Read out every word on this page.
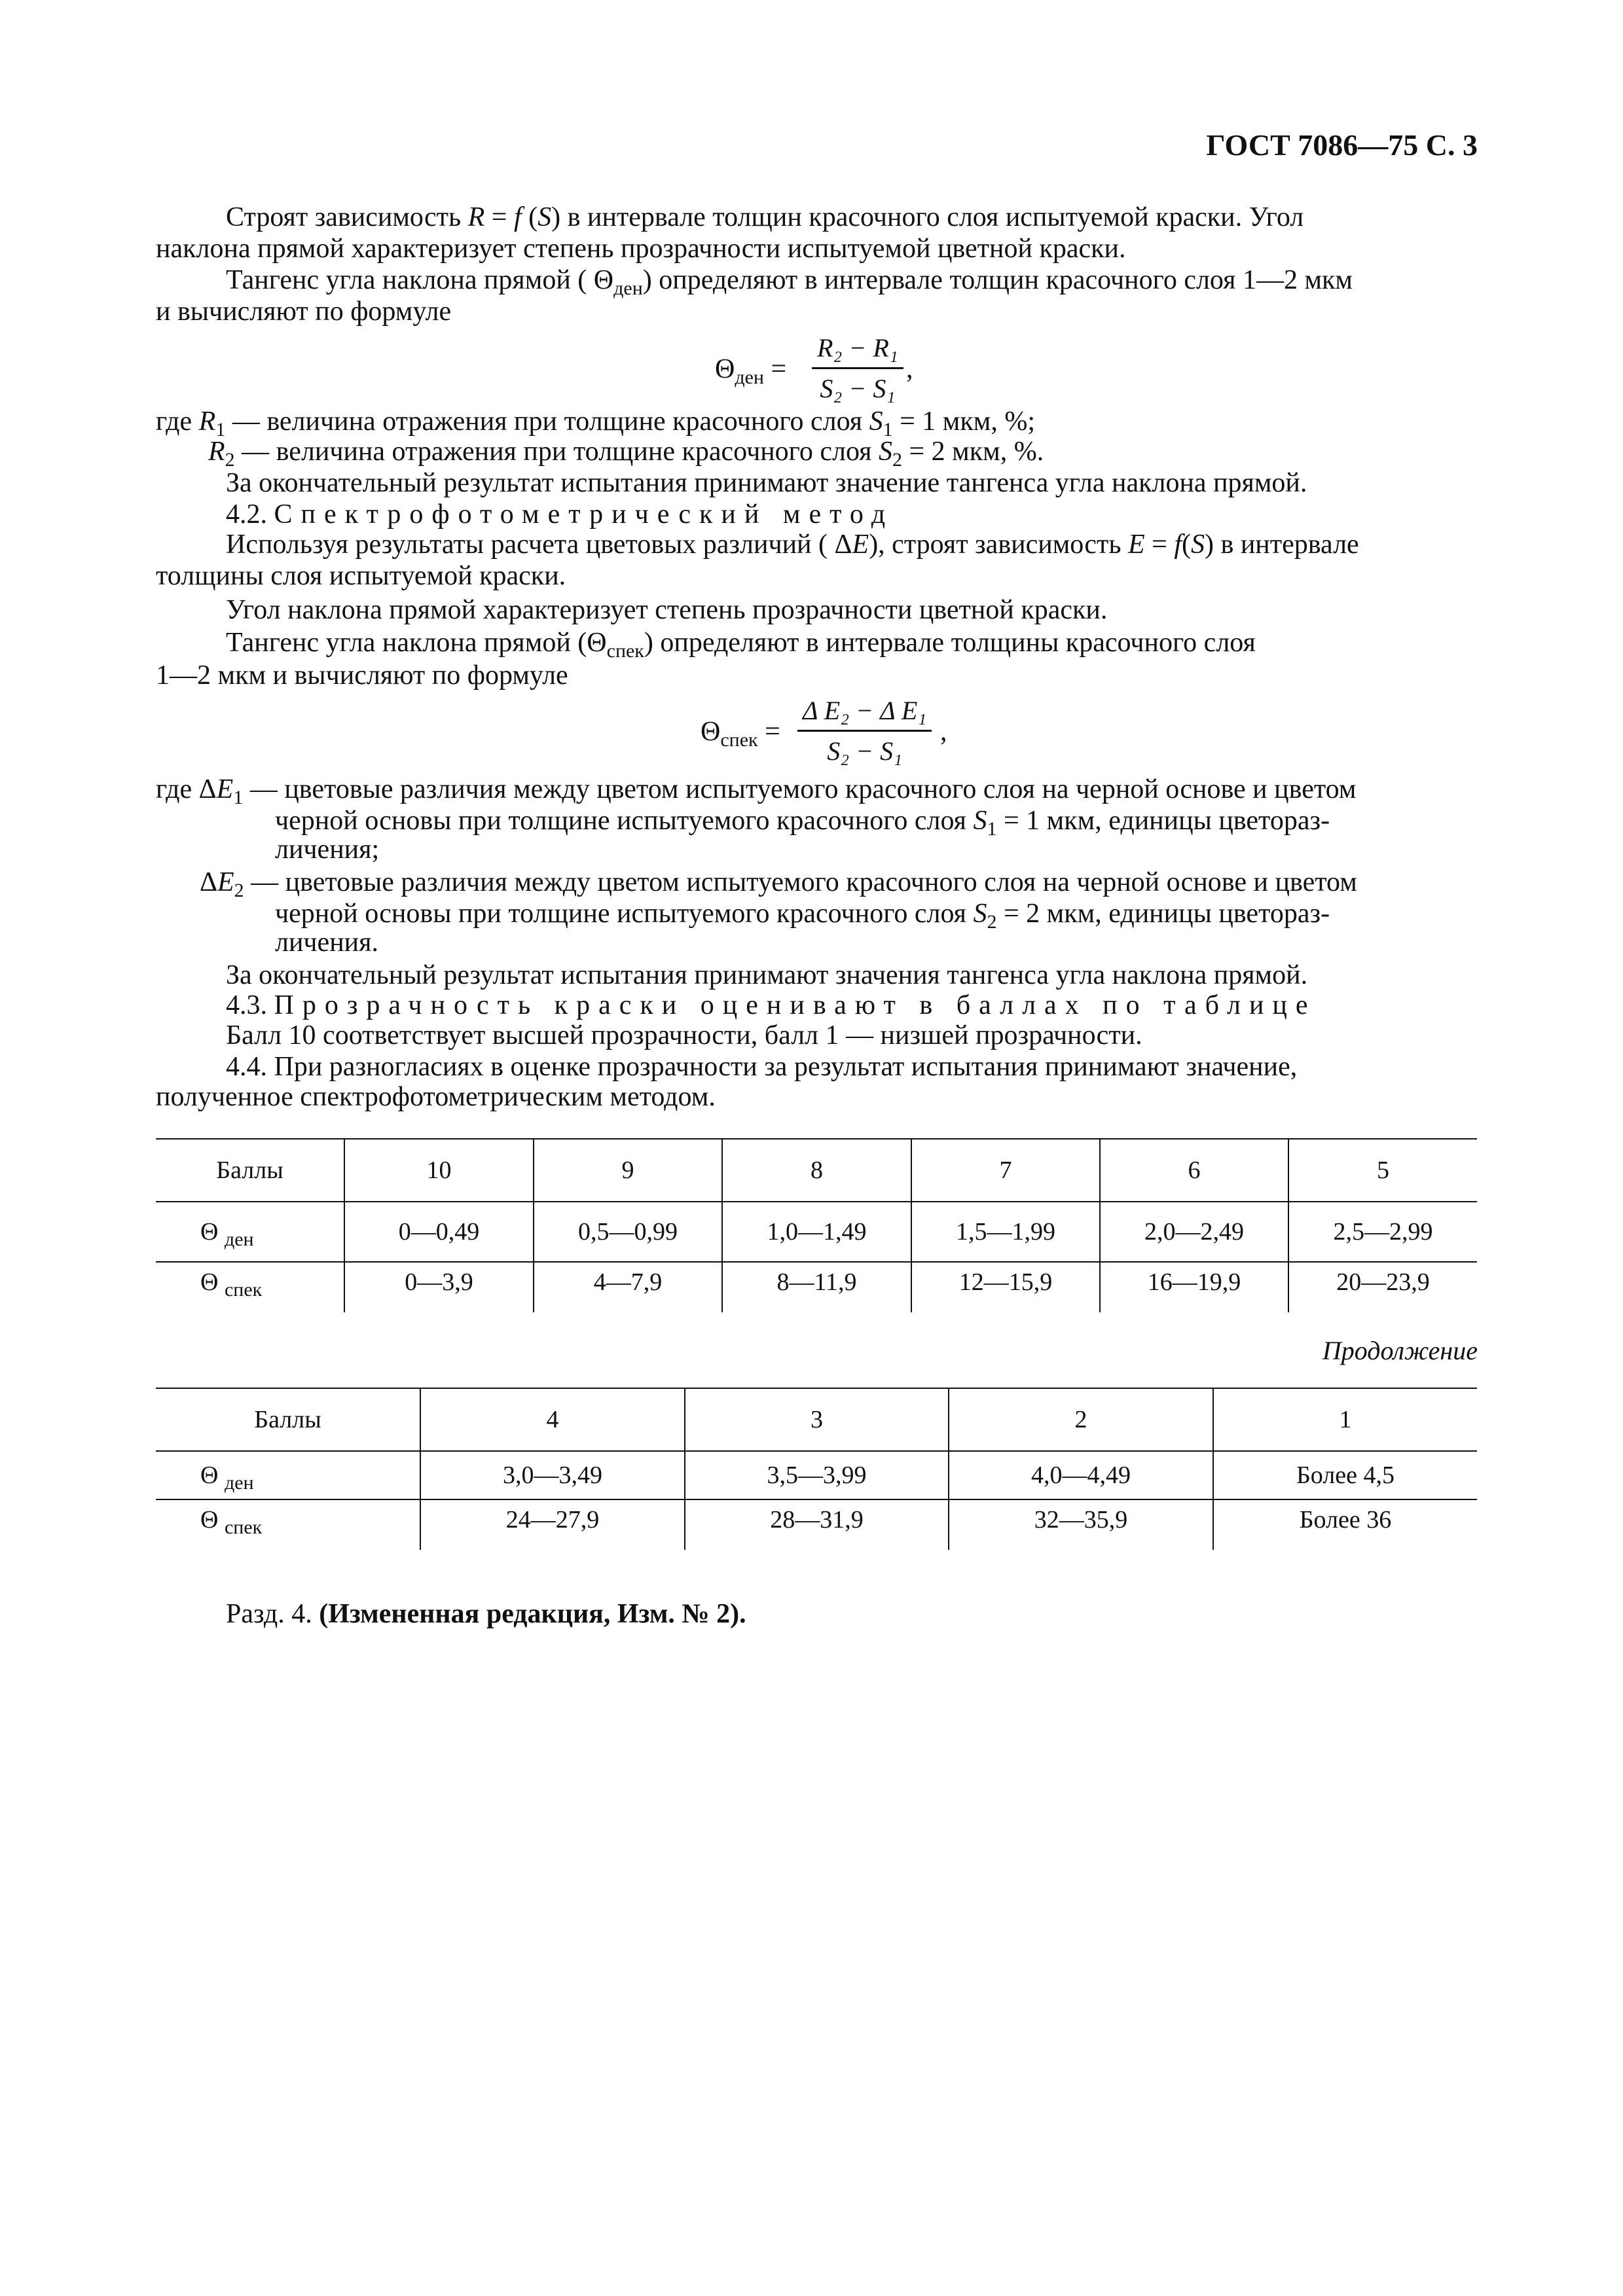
ГОСТ 7086—75 С. 3
Строят зависимость R = f (S) в интервале толщин красочного слоя испытуемой краски. Угол
наклона прямой характеризует степень прозрачности испытуемой цветной краски.
Тангенс угла наклона прямой ( $\Theta_{ден}$) определяют в интервале толщин красочного слоя 1—2 мкм
и вычисляют по формуле
$\Theta_{ден}$ =
R₂ − R₁
S₂ − S₁
,
где $R_1$ — величина отражения при толщине красочного слоя $S_1 = 1$ мкм, %;
$R_2$ — величина отражения при толщине красочного слоя $S_2 = 2$ мкм, %.
За окончательный результат испытания принимают значение тангенса угла наклона прямой.
4.2. Спектрофотометрический метод
Используя результаты расчета цветовых различий ( ΔE), строят зависимость E = f(S) в интервале
толщины слоя испытуемой краски.
Угол наклона прямой характеризует степень прозрачности цветной краски.
Тангенс угла наклона прямой $(\Theta_{спек})$ определяют в интервале толщины красочного слоя
1—2 мкм и вычисляют по формуле
$\Theta_{спек}$ =
Δ E₂ − Δ E₁
S₂ − S₁
,
где $\Delta E_1$ — цветовые различия между цветом испытуемого красочного слоя на черной основе и цветом
черной основы при толщине испытуемого красочного слоя $S_1 = 1$ мкм, единицы цветораз-
личения;
$\Delta E_2$ — цветовые различия между цветом испытуемого красочного слоя на черной основе и цветом
черной основы при толщине испытуемого красочного слоя $S_2 = 2$ мкм, единицы цветораз-
личения.
За окончательный результат испытания принимают значения тангенса угла наклона прямой.
4.3. Прозрачность краски оценивают в баллах по таблице
Балл 10 соответствует высшей прозрачности, балл 1 — низшей прозрачности.
4.4. При разногласиях в оценке прозрачности за результат испытания принимают значение,
полученное спектрофотометрическим методом.
Баллы	10	9	8	7	6	5
Θ $_{ден}$	0—0,49	0,5—0,99	1,0—1,49	1,5—1,99	2,0—2,49	2,5—2,99
Θ $_{спек}$	0—3,9	4—7,9	8—11,9	12—15,9	16—19,9	20—23,9
Продолжение
Баллы	4	3	2	1
Θ $_{ден}$	3,0—3,49	3,5—3,99	4,0—4,49	Более 4,5
Θ $_{спек}$	24—27,9	28—31,9	32—35,9	Более 36
Разд. 4. (Измененная редакция, Изм. № 2).
